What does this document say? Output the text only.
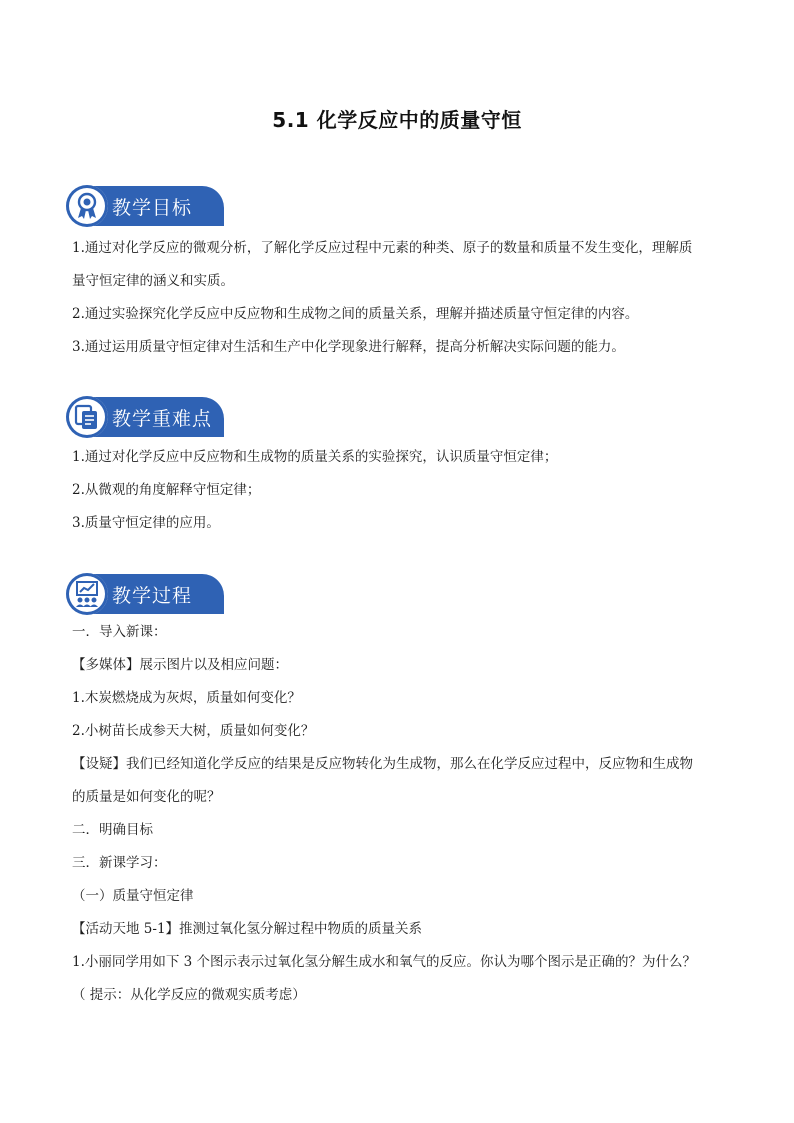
5.1 化学反应中的质量守恒
教学目标
1.通过对化学反应的微观分析，了解化学反应过程中元素的种类、原子的数量和质量不发生变化，理解质
量守恒定律的涵义和实质。
2.通过实验探究化学反应中反应物和生成物之间的质量关系，理解并描述质量守恒定律的内容。
3.通过运用质量守恒定律对生活和生产中化学现象进行解释，提高分析解决实际问题的能力。
教学重难点
1.通过对化学反应中反应物和生成物的质量关系的实验探究，认识质量守恒定律；
2.从微观的角度解释守恒定律；
3.质量守恒定律的应用。
教学过程
一．导入新课：
【多媒体】展示图片以及相应问题：
1.木炭燃烧成为灰烬，质量如何变化？
2.小树苗长成参天大树，质量如何变化？
【设疑】我们已经知道化学反应的结果是反应物转化为生成物，那么在化学反应过程中，反应物和生成物
的质量是如何变化的呢？
二．明确目标
三．新课学习：
（一）质量守恒定律
【活动天地 5-1】推测过氧化氢分解过程中物质的质量关系
1.小丽同学用如下 3 个图示表示过氧化氢分解生成水和氧气的反应。你认为哪个图示是正确的？为什么？
（ 提示：从化学反应的微观实质考虑）
